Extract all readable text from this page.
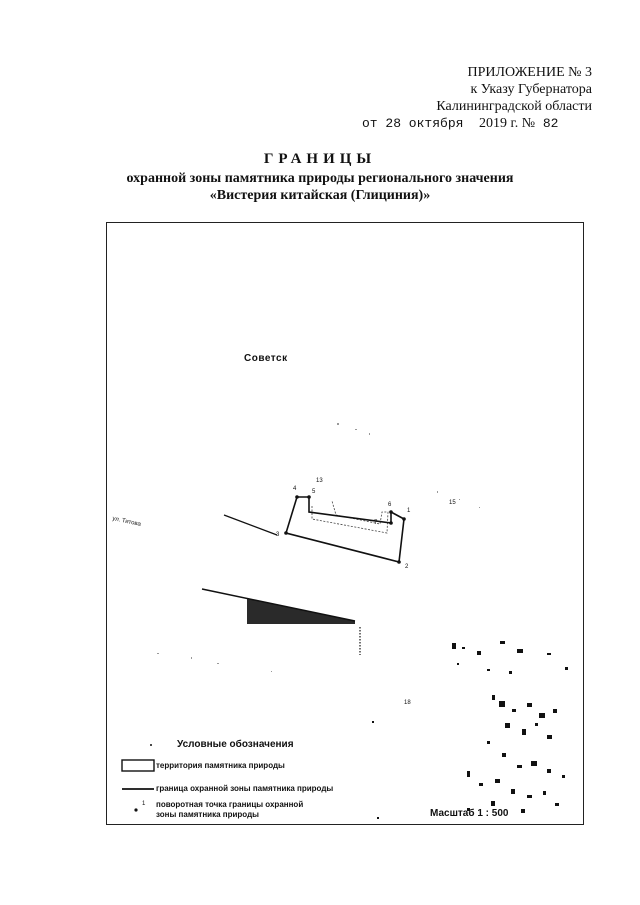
ПРИЛОЖЕНИЕ № 3
к Указу Губернатора
Калининградской области
от 28 октября 2019 г. № 82
ГРАНИЦЫ
охранной зоны памятника природы регионального значения
«Вистерия китайская (Глициния)»
Советск
ул. Титова
1
2
3
4	5
6
7
13
15
18
Условные обозначения
территория памятника природы
граница охранной зоны памятника природы
1 поворотная точка границы охранной
зоны памятника природы	Масштаб 1 : 500
